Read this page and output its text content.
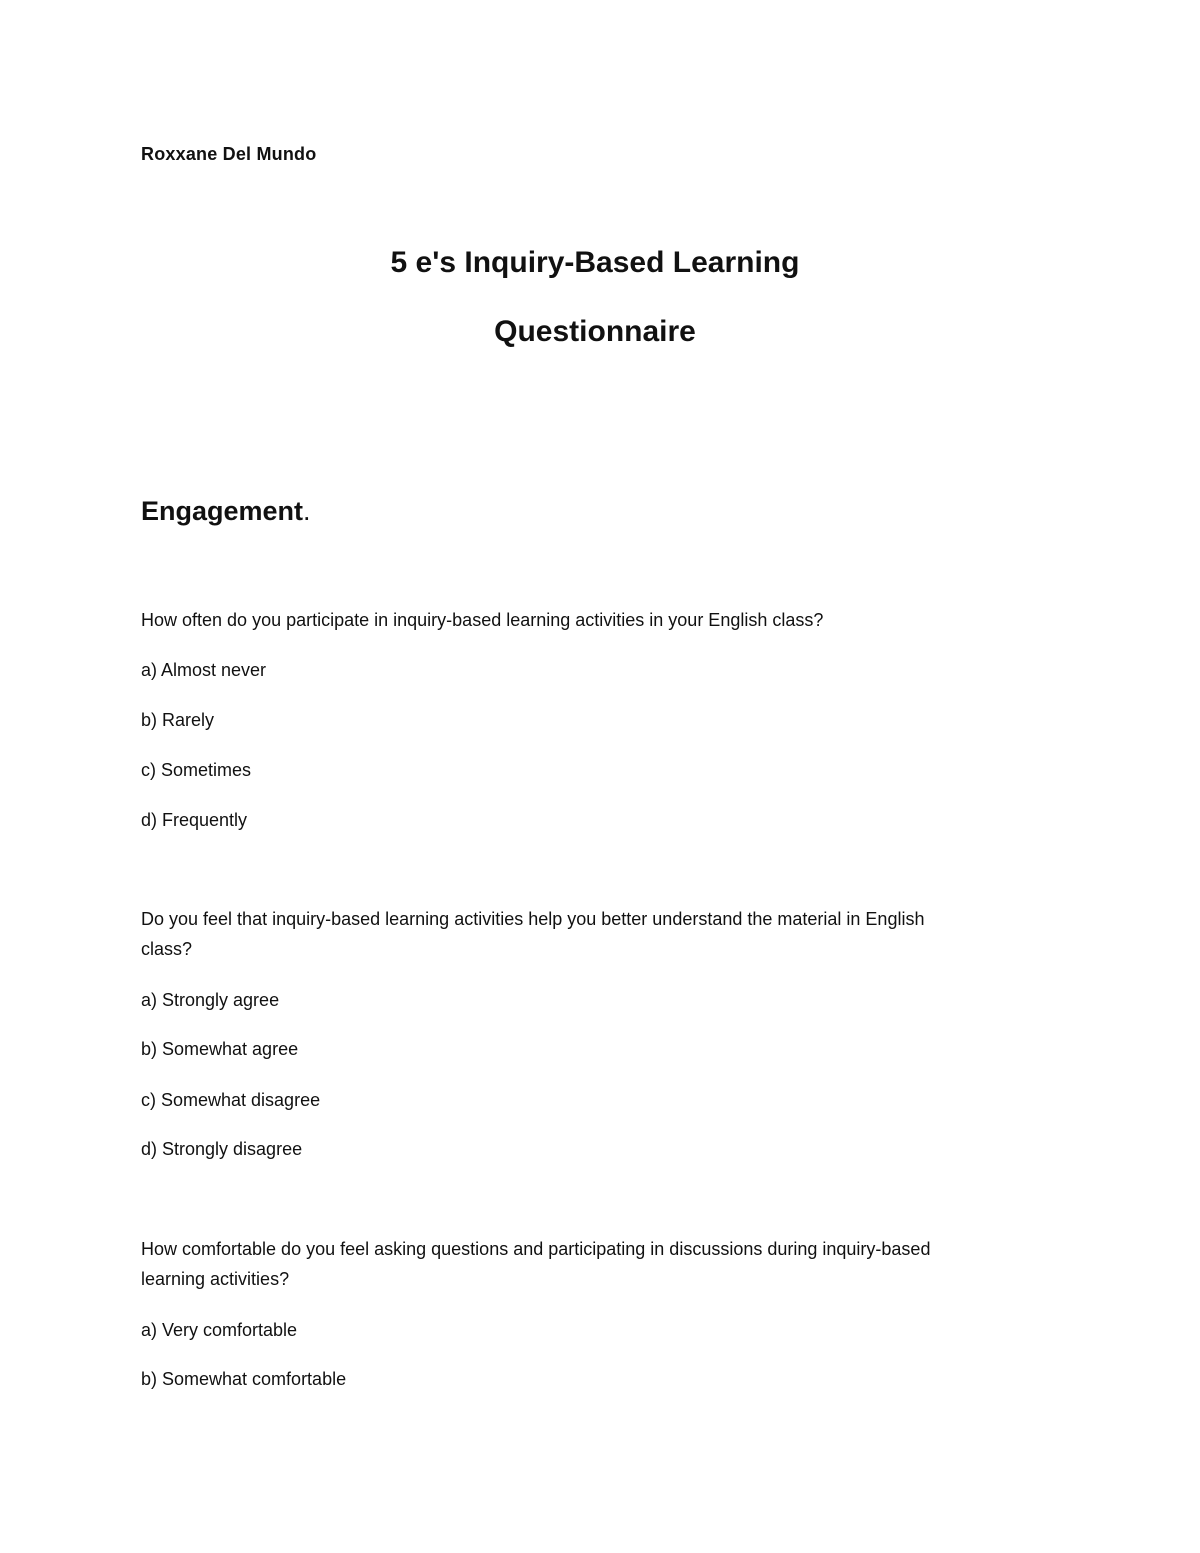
Roxxane Del Mundo
5 e's Inquiry-Based Learning
Questionnaire
Engagement.
How often do you participate in inquiry-based learning activities in your English class?
a) Almost never
b) Rarely
c) Sometimes
d) Frequently
Do you feel that inquiry-based learning activities help you better understand the material in English
class?
a) Strongly agree
b) Somewhat agree
c) Somewhat disagree
d) Strongly disagree
How comfortable do you feel asking questions and participating in discussions during inquiry-based
learning activities?
a) Very comfortable
b) Somewhat comfortable
